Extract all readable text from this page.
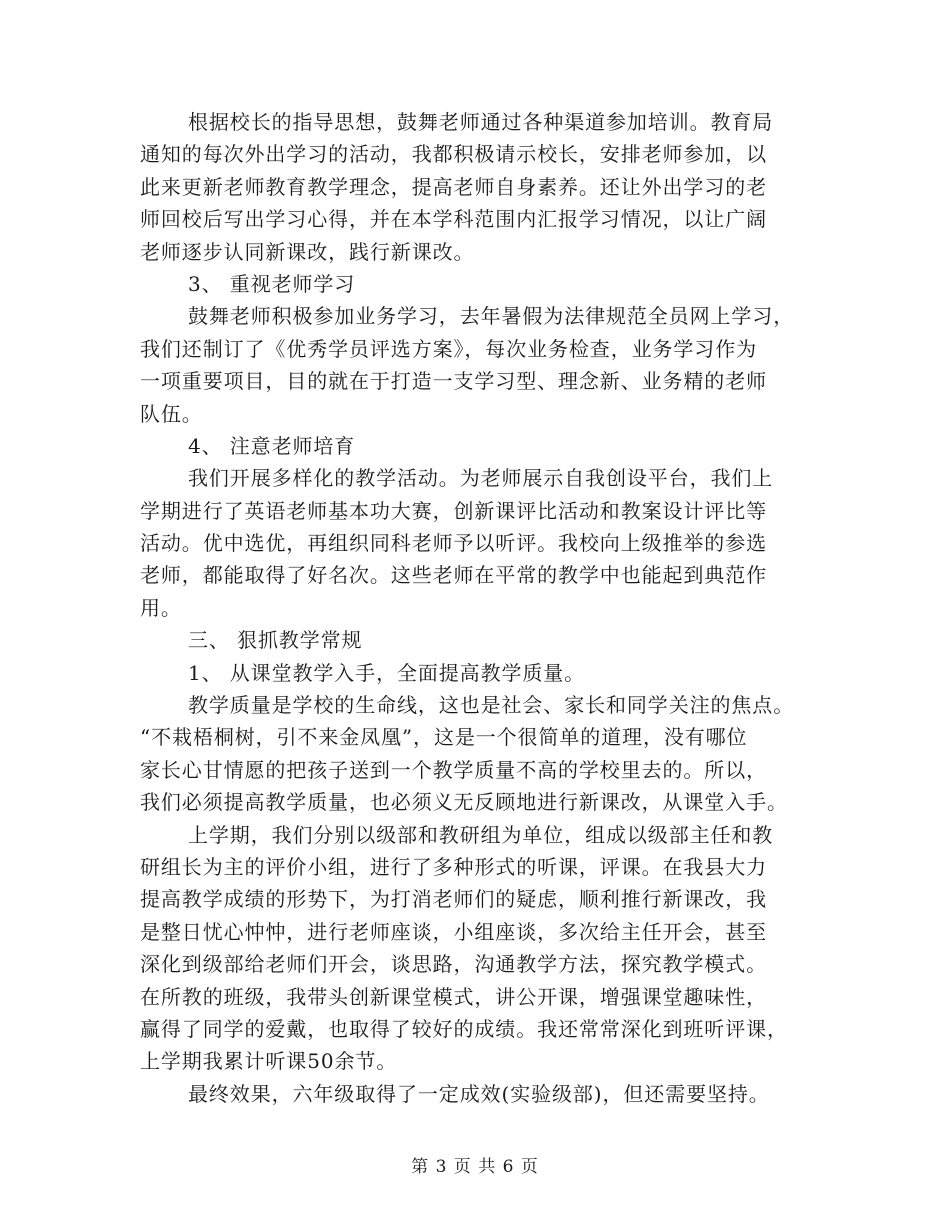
根据校长的指导思想，鼓舞老师通过各种渠道参加培训。教育局
通知的每次外出学习的活动，我都积极请示校长，安排老师参加，以
此来更新老师教育教学理念，提高老师自身素养。还让外出学习的老
师回校后写出学习心得，并在本学科范围内汇报学习情况，以让广阔
老师逐步认同新课改，践行新课改。
3、 重视老师学习
鼓舞老师积极参加业务学习，去年暑假为法律规范全员网上学习，
我们还制订了《优秀学员评选方案》，每次业务检查，业务学习作为
一项重要项目，目的就在于打造一支学习型、理念新、业务精的老师
队伍。
4、 注意老师培育
我们开展多样化的教学活动。为老师展示自我创设平台，我们上
学期进行了英语老师基本功大赛，创新课评比活动和教案设计评比等
活动。优中选优，再组织同科老师予以听评。我校向上级推举的参选
老师，都能取得了好名次。这些老师在平常的教学中也能起到典范作
用。
三、 狠抓教学常规
1、 从课堂教学入手，全面提高教学质量。
教学质量是学校的生命线，这也是社会、家长和同学关注的焦点。
“不栽梧桐树，引不来金凤凰”，这是一个很简单的道理，没有哪位
家长心甘情愿的把孩子送到一个教学质量不高的学校里去的。所以，
我们必须提高教学质量，也必须义无反顾地进行新课改，从课堂入手。
上学期，我们分别以级部和教研组为单位，组成以级部主任和教
研组长为主的评价小组，进行了多种形式的听课，评课。在我县大力
提高教学成绩的形势下，为打消老师们的疑虑，顺利推行新课改，我
是整日忧心忡忡，进行老师座谈，小组座谈，多次给主任开会，甚至
深化到级部给老师们开会，谈思路，沟通教学方法，探究教学模式。
在所教的班级，我带头创新课堂模式，讲公开课，增强课堂趣味性，
赢得了同学的爱戴，也取得了较好的成绩。我还常常深化到班听评课，
上学期我累计听课50余节。
最终效果，六年级取得了一定成效(实验级部)，但还需要坚持。
第 3 页 共 6 页
